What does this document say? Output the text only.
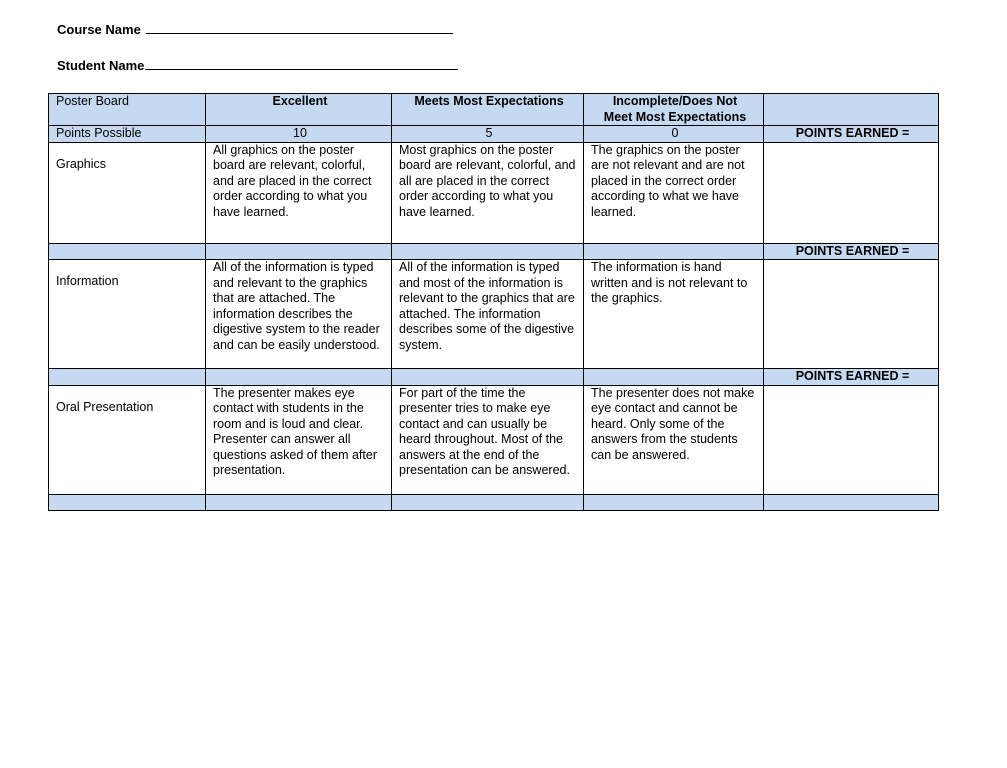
Course Name
Student Name
Poster Board	Excellent	Meets Most Expectations	Incomplete/Does Not
Meet Most Expectations	
Points Possible	10	5	0	POINTS EARNED =

Graphics	All graphics on the poster board are relevant, colorful, and are placed in the correct order according to what you have learned.	Most graphics on the poster board are relevant, colorful, and all are placed in the correct order according to what you have learned.	The graphics on the poster are not relevant and are not placed in the correct order according to what we have learned.	
				POINTS EARNED =

Information	All of the information is typed and relevant to the graphics that are attached. The information describes the digestive system to the reader and can be easily understood.	All of the information is typed and most of the information is relevant to the graphics that are attached. The information describes some of the digestive system.	The information is hand written and is not relevant to the graphics.	
				POINTS EARNED =

Oral Presentation	The presenter makes eye contact with students in the room and is loud and clear. Presenter can answer all questions asked of them after presentation.	For part of the time the presenter tries to make eye contact and can usually be heard throughout. Most of the answers at the end of the presentation can be answered.	The presenter does not make eye contact and cannot be heard. Only some of the answers from the students can be answered.	
